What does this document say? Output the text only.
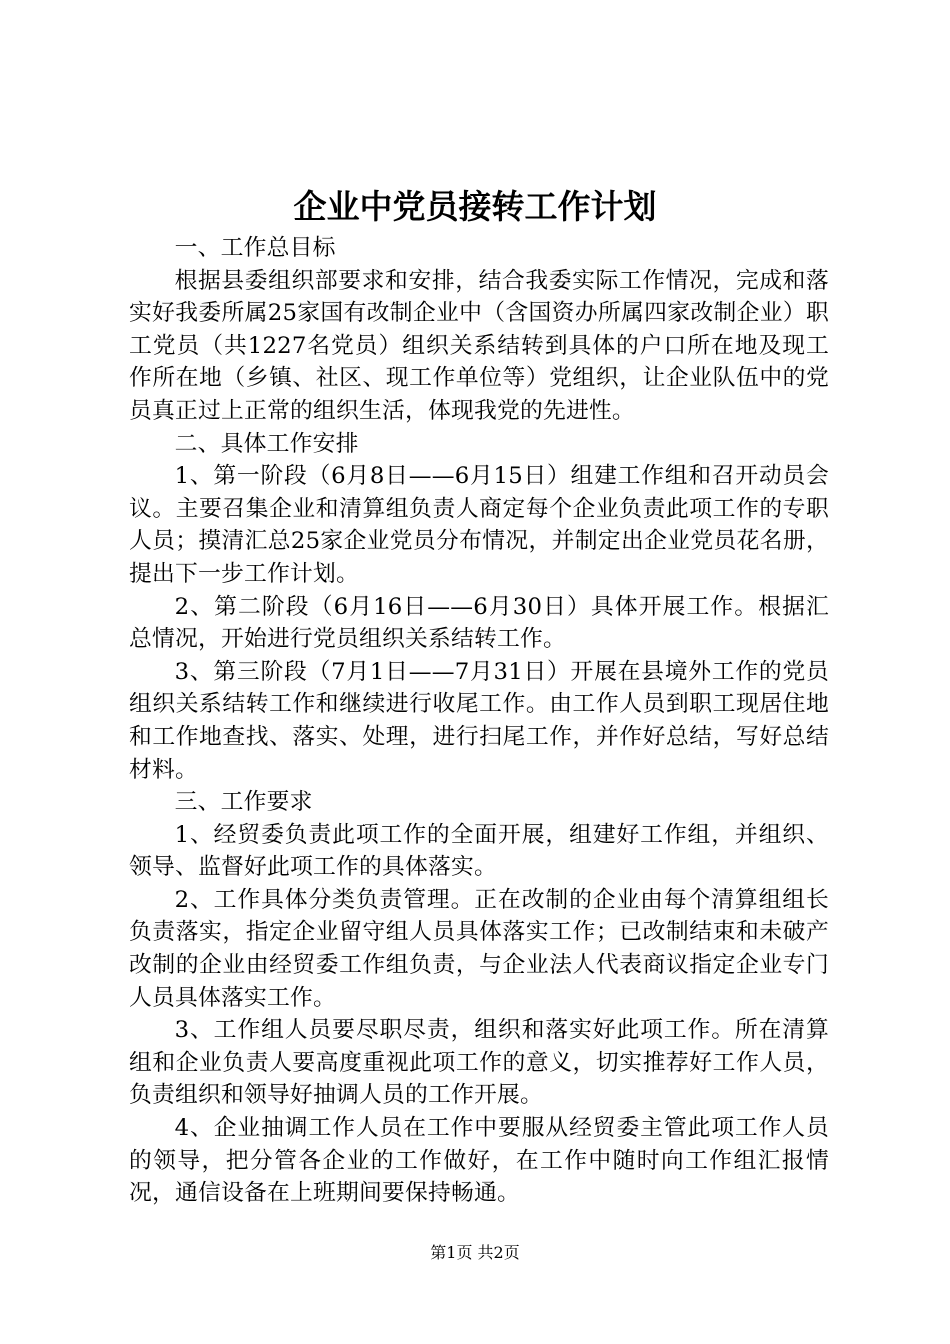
企业中党员接转工作计划

一、工作总目标

根据县委组织部要求和安排，结合我委实际工作情况，完成和落实好我委所属25家国有改制企业中（含国资办所属四家改制企业）职工党员（共1227名党员）组织关系结转到具体的户口所在地及现工作所在地（乡镇、社区、现工作单位等）党组织，让企业队伍中的党员真正过上正常的组织生活，体现我党的先进性。

二、具体工作安排

1、第一阶段（6月8日——6月15日）组建工作组和召开动员会议。主要召集企业和清算组负责人商定每个企业负责此项工作的专职人员；摸清汇总25家企业党员分布情况，并制定出企业党员花名册，提出下一步工作计划。

2、第二阶段（6月16日——6月30日）具体开展工作。根据汇总情况，开始进行党员组织关系结转工作。

3、第三阶段（7月1日——7月31日）开展在县境外工作的党员组织关系结转工作和继续进行收尾工作。由工作人员到职工现居住地和工作地查找、落实、处理，进行扫尾工作，并作好总结，写好总结材料。

三、工作要求

1、经贸委负责此项工作的全面开展，组建好工作组，并组织、领导、监督好此项工作的具体落实。

2、工作具体分类负责管理。正在改制的企业由每个清算组组长负责落实，指定企业留守组人员具体落实工作；已改制结束和未破产改制的企业由经贸委工作组负责，与企业法人代表商议指定企业专门人员具体落实工作。

3、工作组人员要尽职尽责，组织和落实好此项工作。所在清算组和企业负责人要高度重视此项工作的意义，切实推荐好工作人员，负责组织和领导好抽调人员的工作开展。

4、企业抽调工作人员在工作中要服从经贸委主管此项工作人员的领导，把分管各企业的工作做好，在工作中随时向工作组汇报情况，通信设备在上班期间要保持畅通。

第1页 共2页
